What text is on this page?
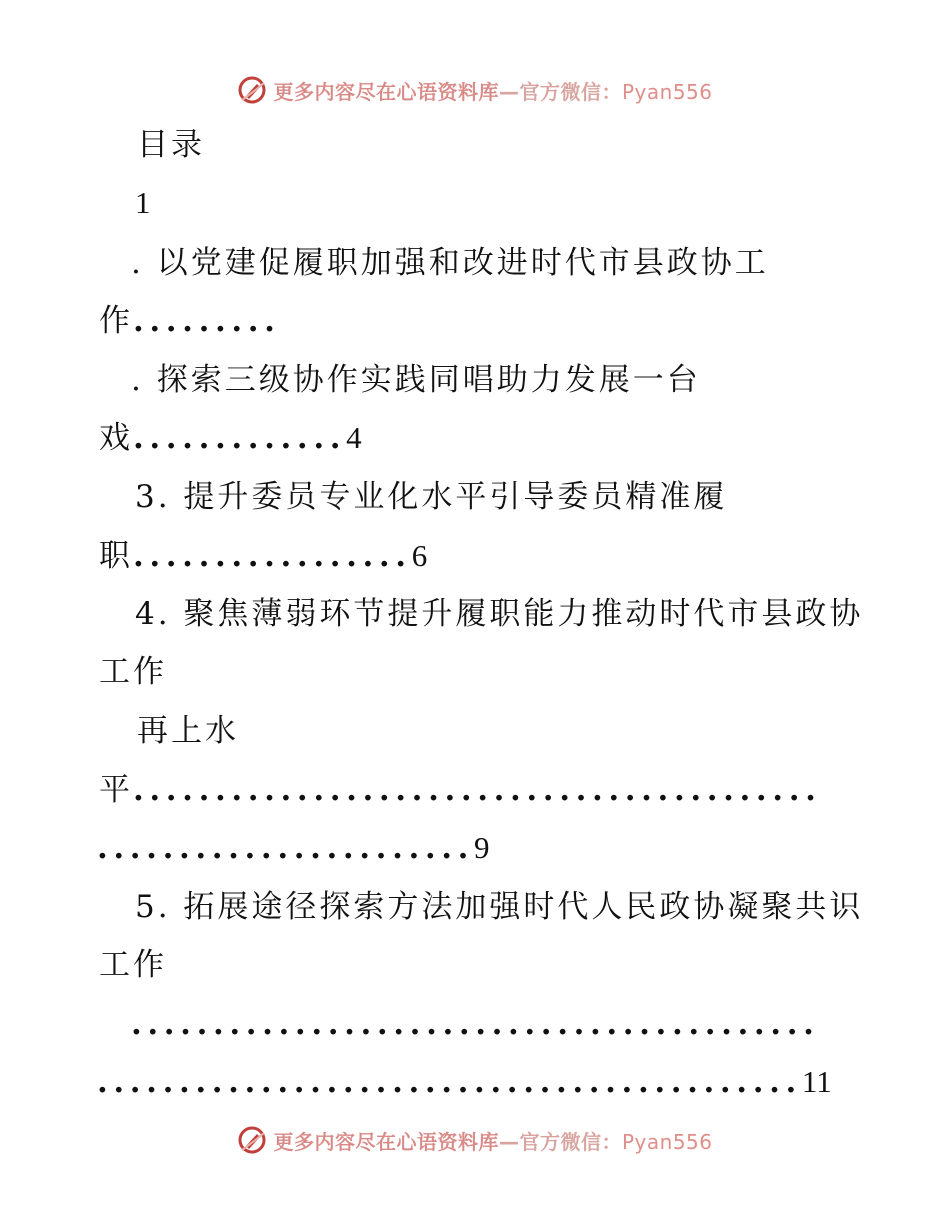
更多内容尽在心语资料库—官方微信：Pyan556
目录
1
. 以党建促履职加强和改进时代市县政协工
作.........
. 探索三级协作实践同唱助力发展一台
戏.............4
3. 提升委员专业化水平引导委员精准履
职.................6
4. 聚焦薄弱环节提升履职能力推动时代市县政协
工作
再上水
平..........................................
.......................9
5. 拓展途径探索方法加强时代人民政协凝聚共识
工作
..........................................
...........................................11
更多内容尽在心语资料库—官方微信：Pyan556
